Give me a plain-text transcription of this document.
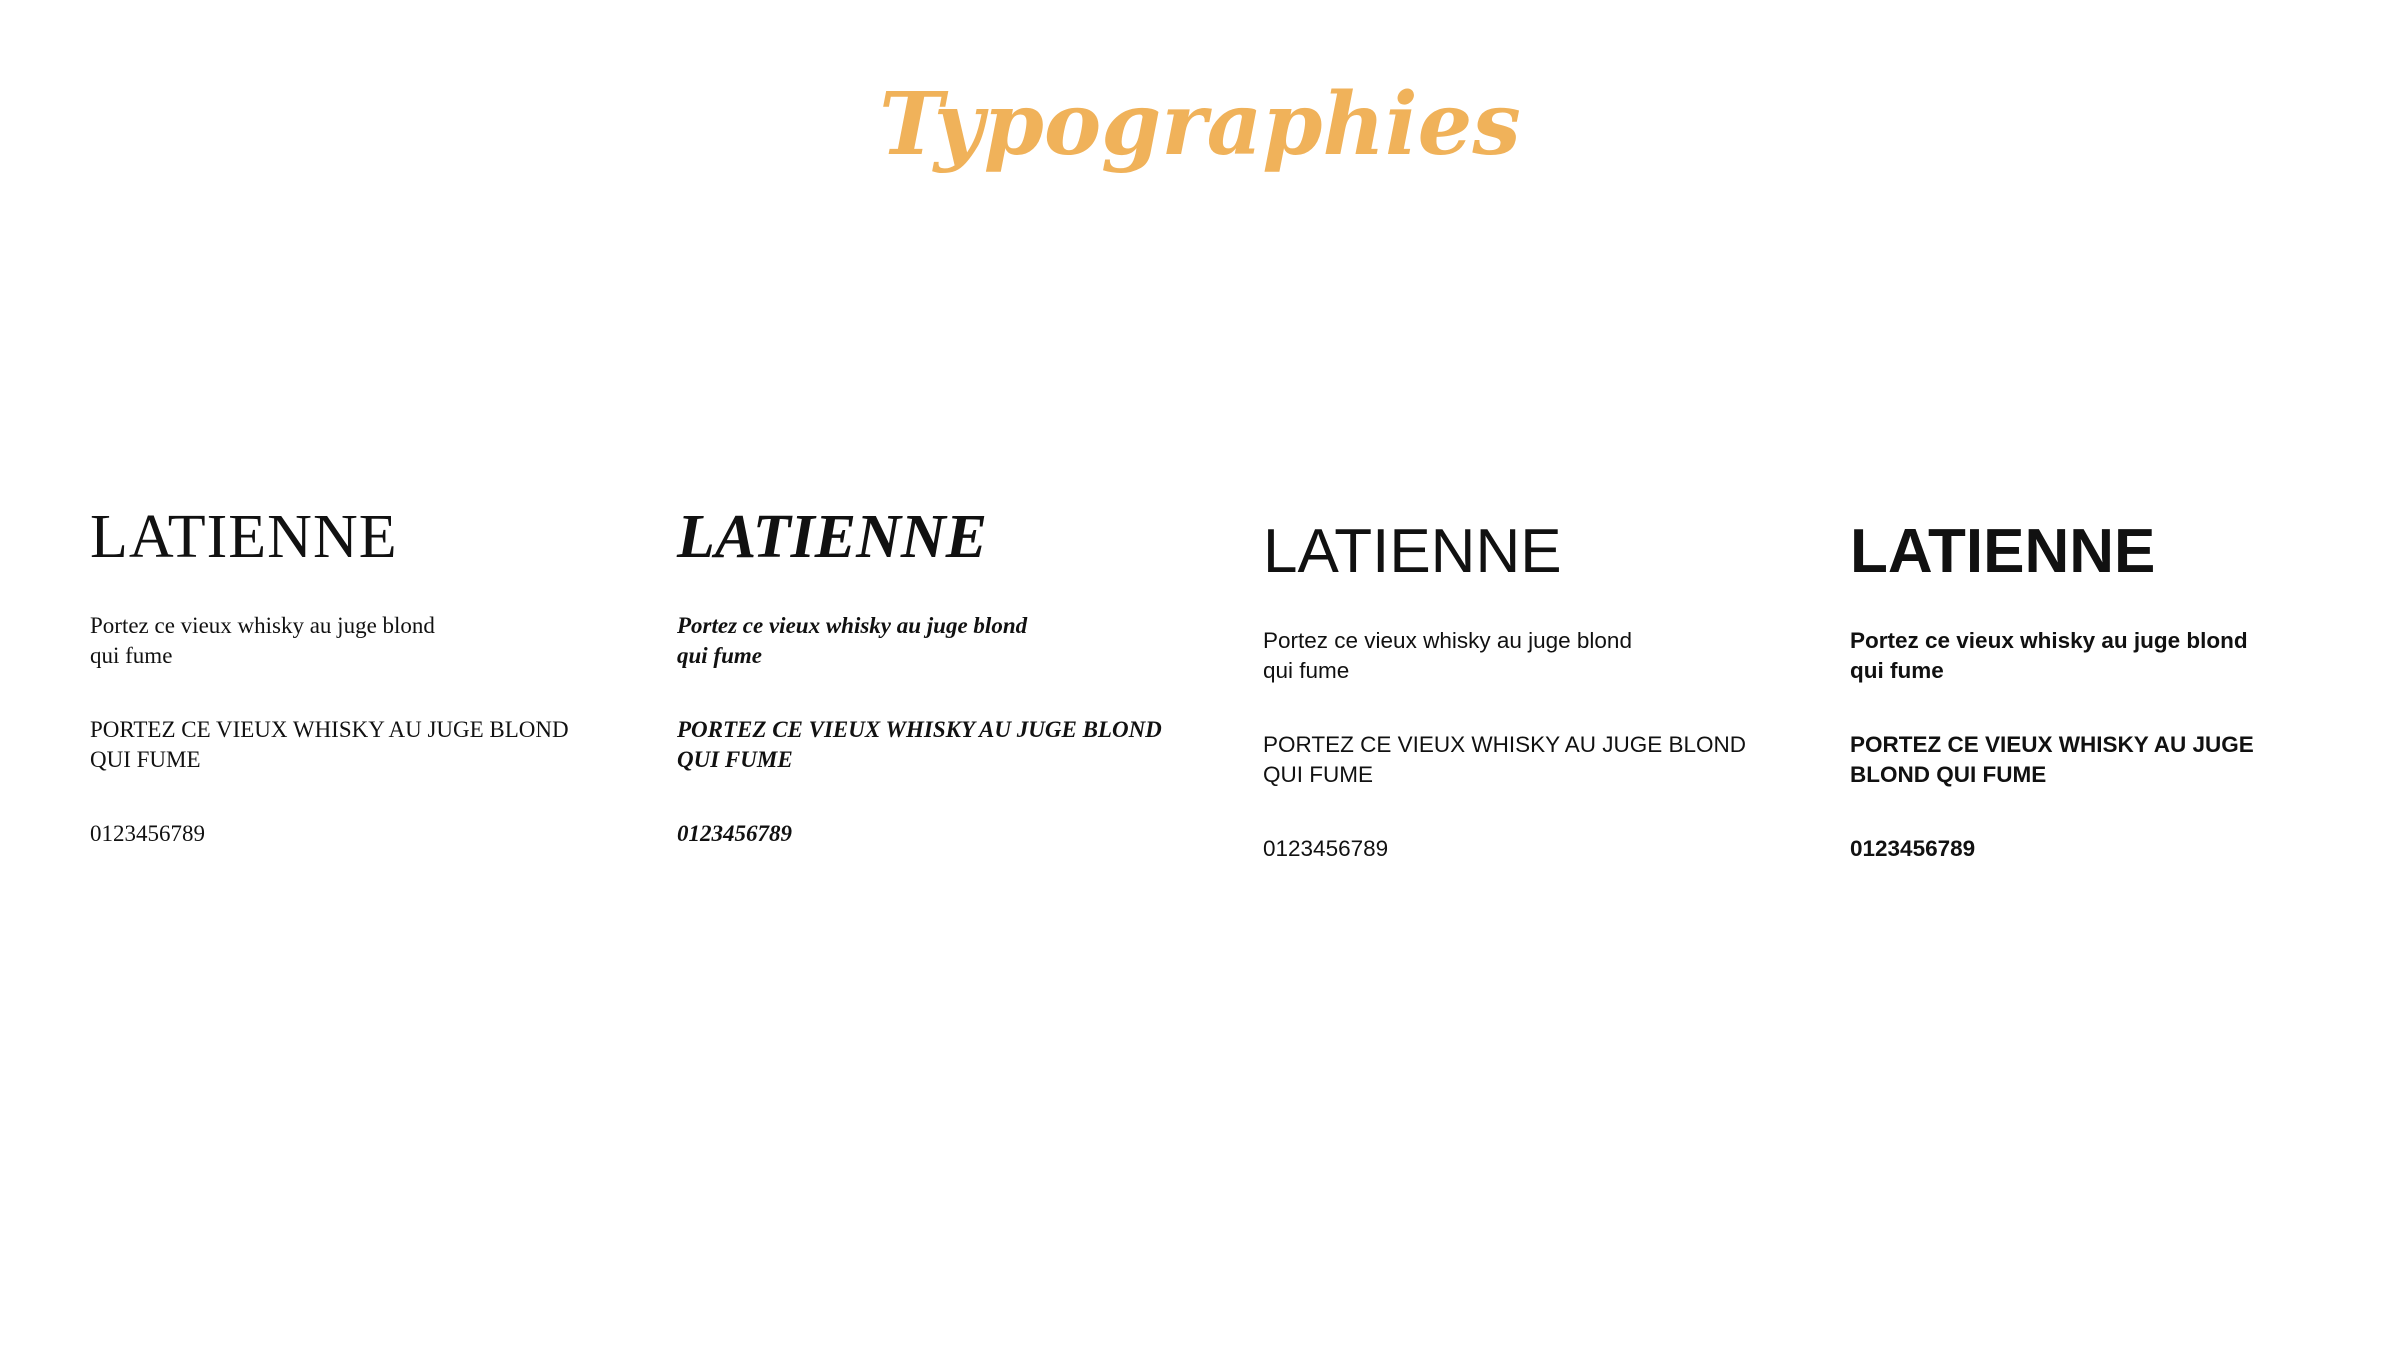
Typographies
LATIENNE
Portez ce vieux whisky au juge blond
qui fume
PORTEZ CE VIEUX WHISKY AU JUGE BLOND
QUI FUME
0123456789
LATIENNE
Portez ce vieux whisky au juge blond
qui fume
PORTEZ CE VIEUX WHISKY AU JUGE BLOND
QUI FUME
0123456789
LATIENNE
Portez ce vieux whisky au juge blond
qui fume
PORTEZ CE VIEUX WHISKY AU JUGE BLOND
QUI FUME
0123456789
LATIENNE
Portez ce vieux whisky au juge blond
qui fume
PORTEZ CE VIEUX WHISKY AU JUGE
BLOND QUI FUME
0123456789
